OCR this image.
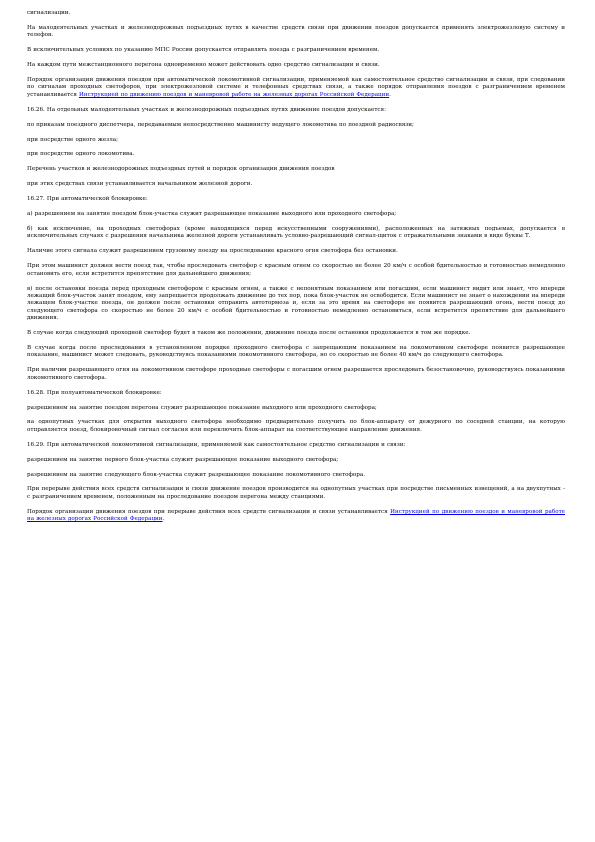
сигнализации.

На малодеятельных участках и железнодорожных подъездных путях в качестве средств связи при движении поездов допускается применять электрожезловую систему и телефон.

В исключительных условиях по указанию МПС России допускается отправлять поезда с разграничением временем.

На каждом пути межстанционного перегона одновременно может действовать одно средство сигнализации и связи.

Порядок организации движения поездов при автоматической локомотивной сигнализации, применяемой как самостоятельное средство сигнализации и связи, при следовании по сигналам проходных светофоров, при электрожезловой системе и телефонных средствах связи, а также порядок отправления поездов с разграничением временем устанавливается Инструкцией по движению поездов и маневровой работе на железных дорогах Российской Федерации.

16.26. На отдельных малодеятельных участках и железнодорожных подъездных путях движение поездов допускается:

по приказам поездного диспетчера, передаваемым непосредственно машинисту ведущего локомотива по поездной радиосвязи;

при посредстве одного жезла;

при посредстве одного локомотива.

Перечень участков и железнодорожных подъездных путей и порядок организации движения поездов

при этих средствах связи устанавливается начальником железной дороги.

16.27. При автоматической блокировке:

а) разрешением на занятие поездом блок-участка служит разрешающее показание выходного или проходного светофора;

б) как исключение, на проходных светофорах (кроме находящихся перед искусственными сооружениями), расположенных на затяжных подъемах, допускается в исключительных случаях с разрешения начальника железной дороги устанавливать условно-разрешающий сигнал-щиток с отражательными знаками в виде буквы Т.

Наличие этого сигнала служит разрешением грузовому поезду на проследование красного огня светофора без остановки.

При этом машинист должен вести поезд так, чтобы проследовать светофор с красным огнем со скоростью не более 20 км/ч с особой бдительностью и готовностью немедленно остановить его, если встретится препятствие для дальнейшего движения;

в) после остановки поезда перед проходным светофором с красным огнем, а также с непонятным показанием или погасшим, если машинист видит или знает, что впереди лежащий блок-участок занят поездом, ему запрещается продолжать движение до тех пор, пока блок-участок не освободится. Если машинист не знает о нахождении на впереди лежащем блок-участке поезда, он должен после остановки отправить автотормоза и, если за это время на светофоре не появится разрешающий огонь, вести поезд до следующего светофора со скоростью не более 20 км/ч с особой бдительностью и готовностью немедленно остановиться, если встретится препятствие для дальнейшего движения.

В случае когда следующий проходной светофор будет в таком же положении, движение поезда после остановки продолжается в том же порядке.

В случае когда после проследования в установленном порядке проходного светофора с запрещающим показанием на локомотивном светофоре появится разрешающее показание, машинист может следовать, руководствуясь показаниями локомотивного светофора, но со скоростью не более 40 км/ч до следующего светофора.

При наличии разрешающего огня на локомотивном светофоре проходные светофоры с погасшим огнем разрешается проследовать безостановочно, руководствуясь показаниями локомотивного светофора.

16.28. При полуавтоматической блокировке:

разрешением на занятие поездом перегона служит разрешающее показание выходного или проходного светофора;

на однопутных участках для открытия выходного светофора необходимо предварительно получить по блок-аппарату от дежурного по соседней станции, на которую отправляется поезд, блокировочный сигнал согласия или переключить блок-аппарат на соответствующее направление движения.

16.29. При автоматической локомотивной сигнализации, применяемой как самостоятельное средство сигнализации и связи:

разрешением на занятие первого блок-участка служит разрешающее показание выходного светофора;

разрешением на занятие следующего блок-участка служит разрешающее показание локомотивного светофора.

При перерыве действия всех средств сигнализации и связи движение поездов производится на однопутных участках при посредстве письменных извещений, а на двухпутных - с разграничением временем, положенным на проследование поездом перегона между станциями.

Порядок организации движения поездов при перерыве действия всех средств сигнализации и связи устанавливается Инструкцией по движению поездов и маневровой работе на железных дорогах Российской Федерации.
